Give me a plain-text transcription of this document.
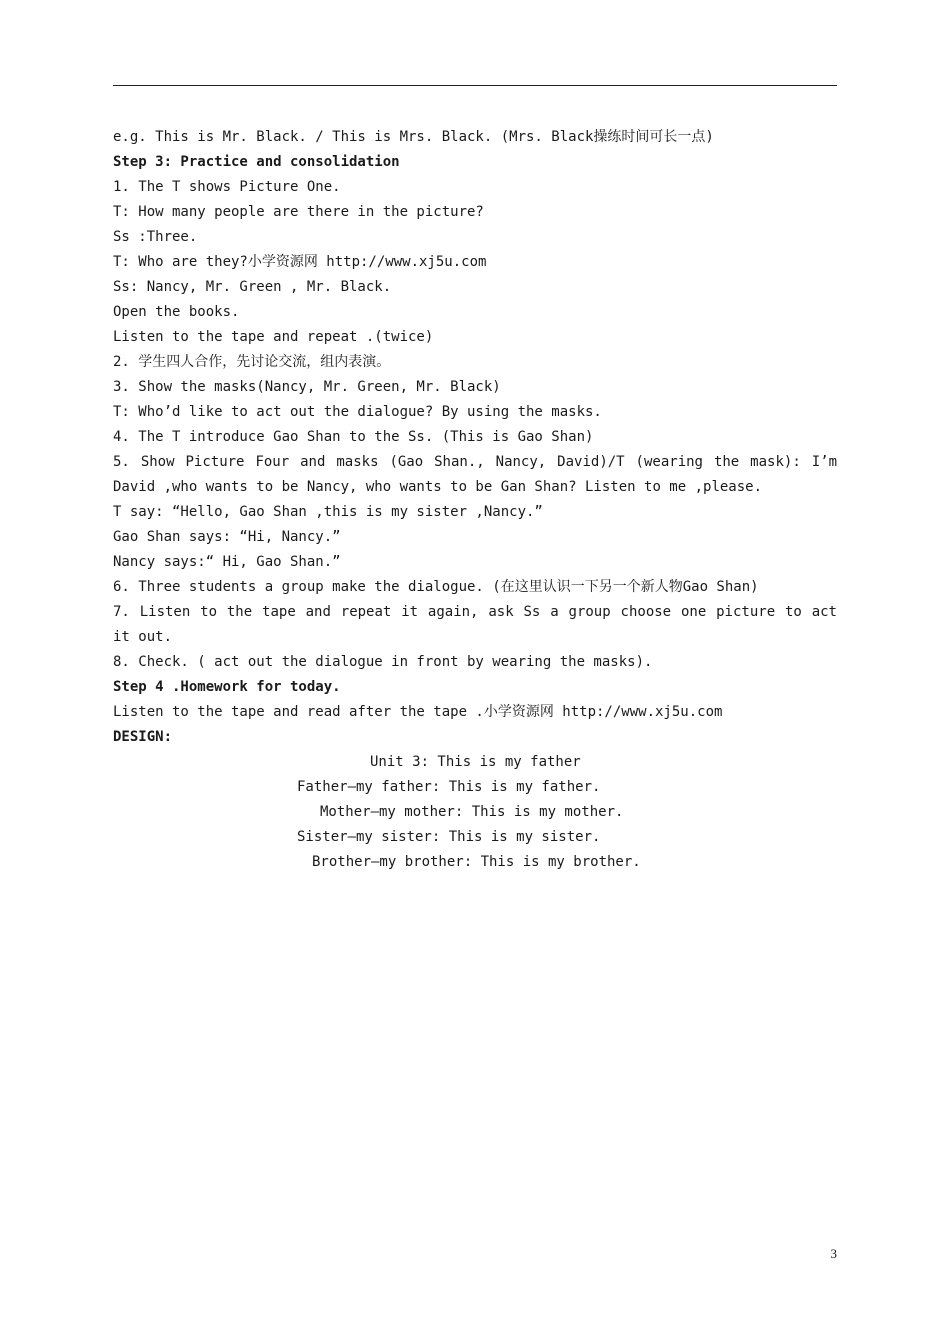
e.g. This is Mr. Black. / This is Mrs. Black. (Mrs. Black操练时间可长一点)
Step 3: Practice and consolidation
1. The T shows Picture One.
T: How many people are there in the picture?
Ss :Three.
T: Who are they?小学资源网 http://www.xj5u.com
Ss: Nancy, Mr. Green , Mr. Black.
Open the books.
Listen to the tape and repeat .(twice)
2. 学生四人合作，先讨论交流，组内表演。
3. Show the masks(Nancy, Mr. Green, Mr. Black)
T: Who’d like to act out the dialogue? By using the masks.
4. The T introduce Gao Shan to the Ss. (This is Gao Shan)
5. Show Picture Four and masks (Gao Shan., Nancy, David)/T (wearing the mask): I’m David ,who wants to be Nancy, who wants to be Gan Shan? Listen to me ,please.
T say: “Hello, Gao Shan ,this is my sister ,Nancy.”
Gao Shan says: “Hi, Nancy.”
Nancy says:“ Hi, Gao Shan.”
6. Three students a group make the dialogue. (在这里认识一下另一个新人物Gao Shan)
7. Listen to the tape and repeat it again, ask Ss a group choose one picture to act it out.
8. Check. ( act out the dialogue in front by wearing the masks).
Step 4 .Homework for today.
Listen to the tape and read after the tape .小学资源网 http://www.xj5u.com
DESIGN:
Unit 3: This is my father
Father—my father: This is my father.
Mother—my mother: This is my mother.
Sister—my sister: This is my sister.
Brother—my brother: This is my brother.
3
